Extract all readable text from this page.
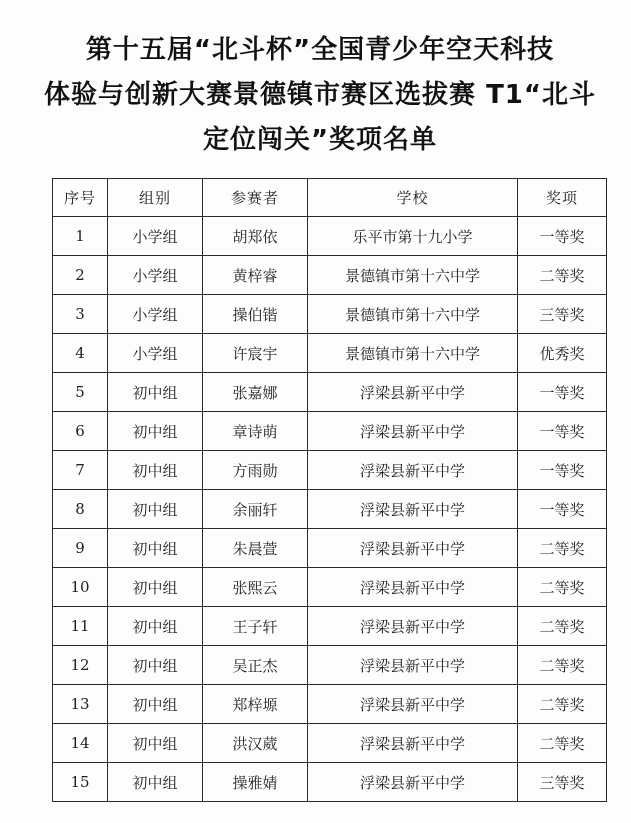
第十五届“北斗杯”全国青少年空天科技
体验与创新大赛景德镇市赛区选拔赛 T1“北斗
定位闯关”奖项名单
序号	组别	参赛者	学校	奖项
1	小学组	胡郑依	乐平市第十九小学	一等奖
2	小学组	黄梓睿	景德镇市第十六中学	二等奖
3	小学组	操伯锴	景德镇市第十六中学	三等奖
4	小学组	许宸宇	景德镇市第十六中学	优秀奖
5	初中组	张嘉娜	浮梁县新平中学	一等奖
6	初中组	章诗萌	浮梁县新平中学	一等奖
7	初中组	方雨勋	浮梁县新平中学	一等奖
8	初中组	余丽轩	浮梁县新平中学	一等奖
9	初中组	朱晨萱	浮梁县新平中学	二等奖
10	初中组	张熙云	浮梁县新平中学	二等奖
11	初中组	王子轩	浮梁县新平中学	二等奖
12	初中组	吴正杰	浮梁县新平中学	二等奖
13	初中组	郑梓塬	浮梁县新平中学	二等奖
14	初中组	洪汉葳	浮梁县新平中学	二等奖
15	初中组	操雅婧	浮梁县新平中学	三等奖
